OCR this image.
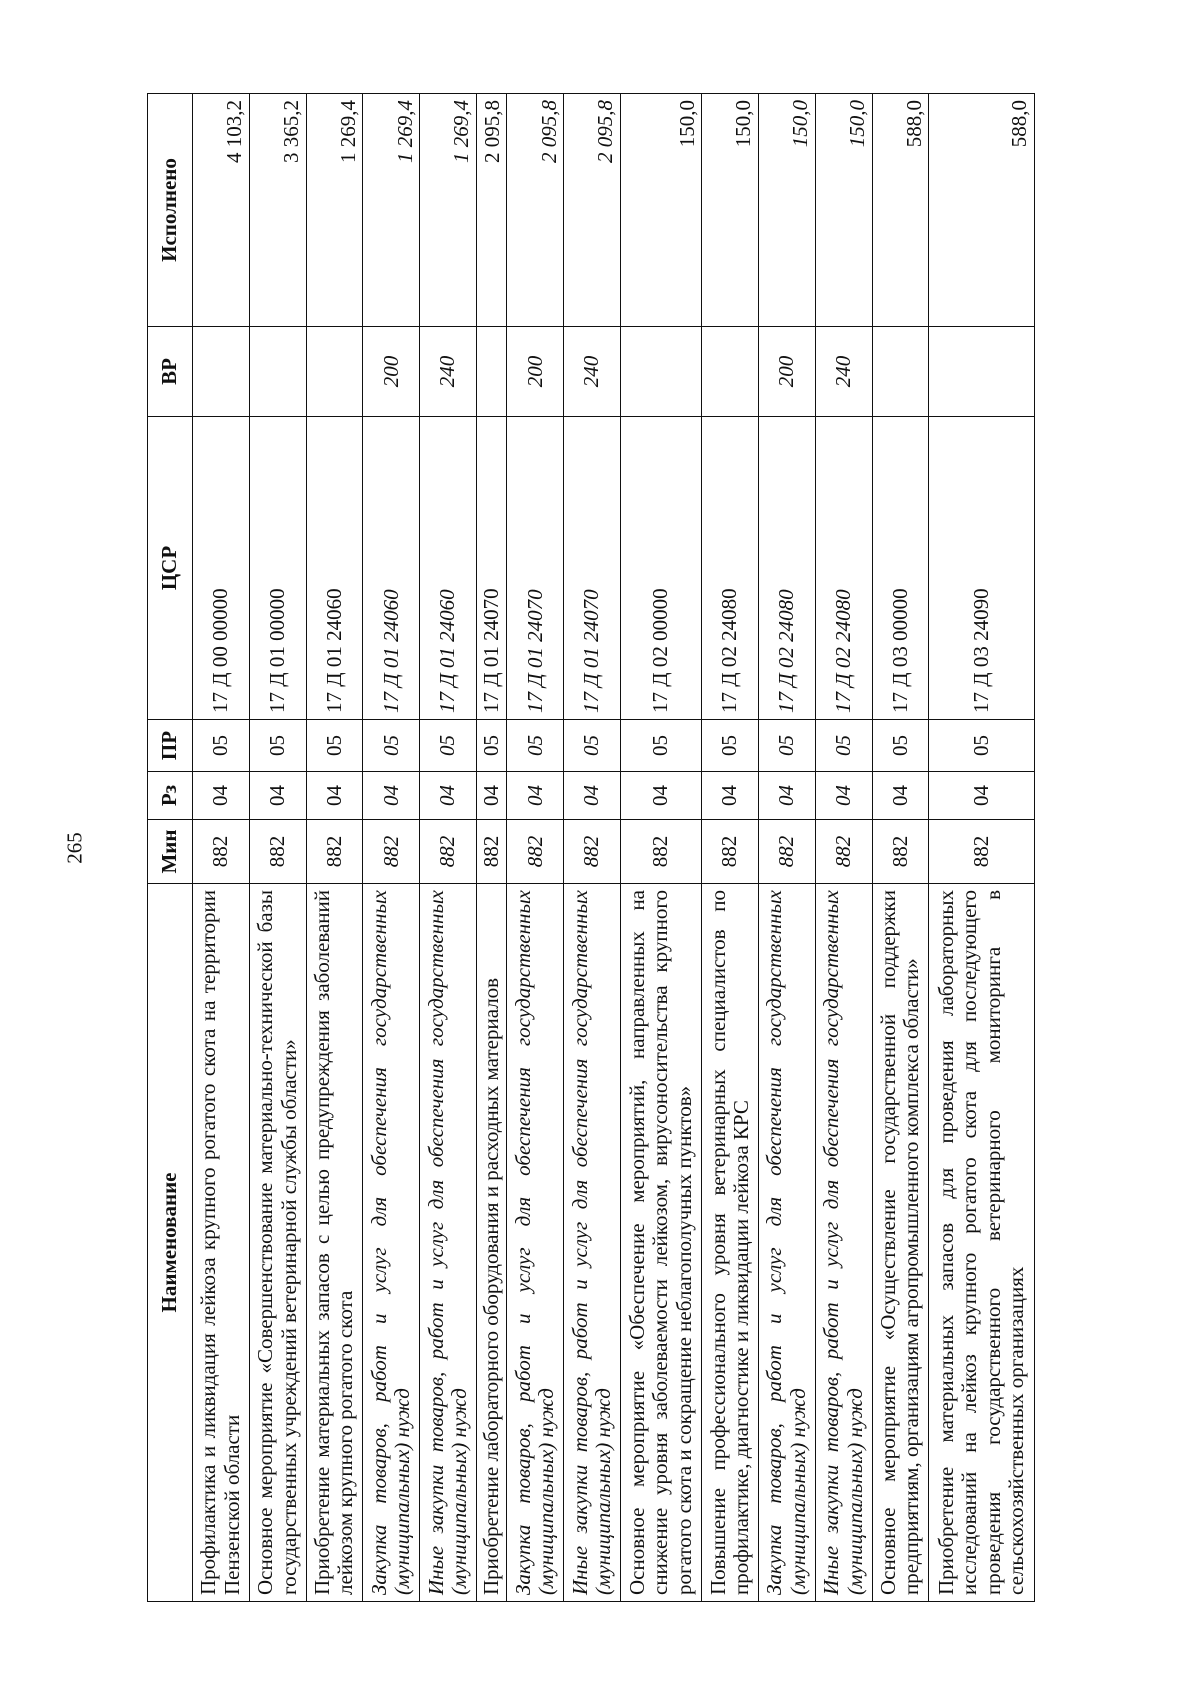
265
Наименование	Мин	Рз	ПР	ЦСР	ВР	Исполнено
Профилактика и ликвидация лейкоза крупного рогатого скота на территории Пензенской области	882	04	05	17 Д 00 00000		4 103,2
Основное мероприятие «Совершенствование материально-технической базы государственных учреждений ветеринарной службы области»	882	04	05	17 Д 01 00000		3 365,2
Приобретение материальных запасов с целью предупреждения заболеваний лейкозом крупного рогатого скота	882	04	05	17 Д 01 24060		1 269,4
Закупка товаров, работ и услуг для обеспечения государственных (муниципальных) нужд	882	04	05	17 Д 01 24060	200	1 269,4
Иные закупки товаров, работ и услуг для обеспечения государственных (муниципальных) нужд	882	04	05	17 Д 01 24060	240	1 269,4
Приобретение лабораторного оборудования и расходных материалов	882	04	05	17 Д 01 24070		2 095,8
Закупка товаров, работ и услуг для обеспечения государственных (муниципальных) нужд	882	04	05	17 Д 01 24070	200	2 095,8
Иные закупки товаров, работ и услуг для обеспечения государственных (муниципальных) нужд	882	04	05	17 Д 01 24070	240	2 095,8
Основное мероприятие «Обеспечение мероприятий, направленных на снижение уровня заболеваемости лейкозом, вирусоносительства крупного рогатого скота и сокращение неблагополучных пунктов»	882	04	05	17 Д 02 00000		150,0
Повышение профессионального уровня ветеринарных специалистов по профилактике, диагностике и ликвидации лейкоза КРС	882	04	05	17 Д 02 24080		150,0
Закупка товаров, работ и услуг для обеспечения государственных (муниципальных) нужд	882	04	05	17 Д 02 24080	200	150,0
Иные закупки товаров, работ и услуг для обеспечения государственных (муниципальных) нужд	882	04	05	17 Д 02 24080	240	150,0
Основное мероприятие «Осуществление государственной поддержки предприятиям, организациям агропромышленного комплекса области»	882	04	05	17 Д 03 00000		588,0
Приобретение материальных запасов для проведения лабораторных исследований на лейкоз крупного рогатого скота для последующего проведения государственного ветеринарного мониторинга в сельскохозяйственных организациях	882	04	05	17 Д 03 24090		588,0
